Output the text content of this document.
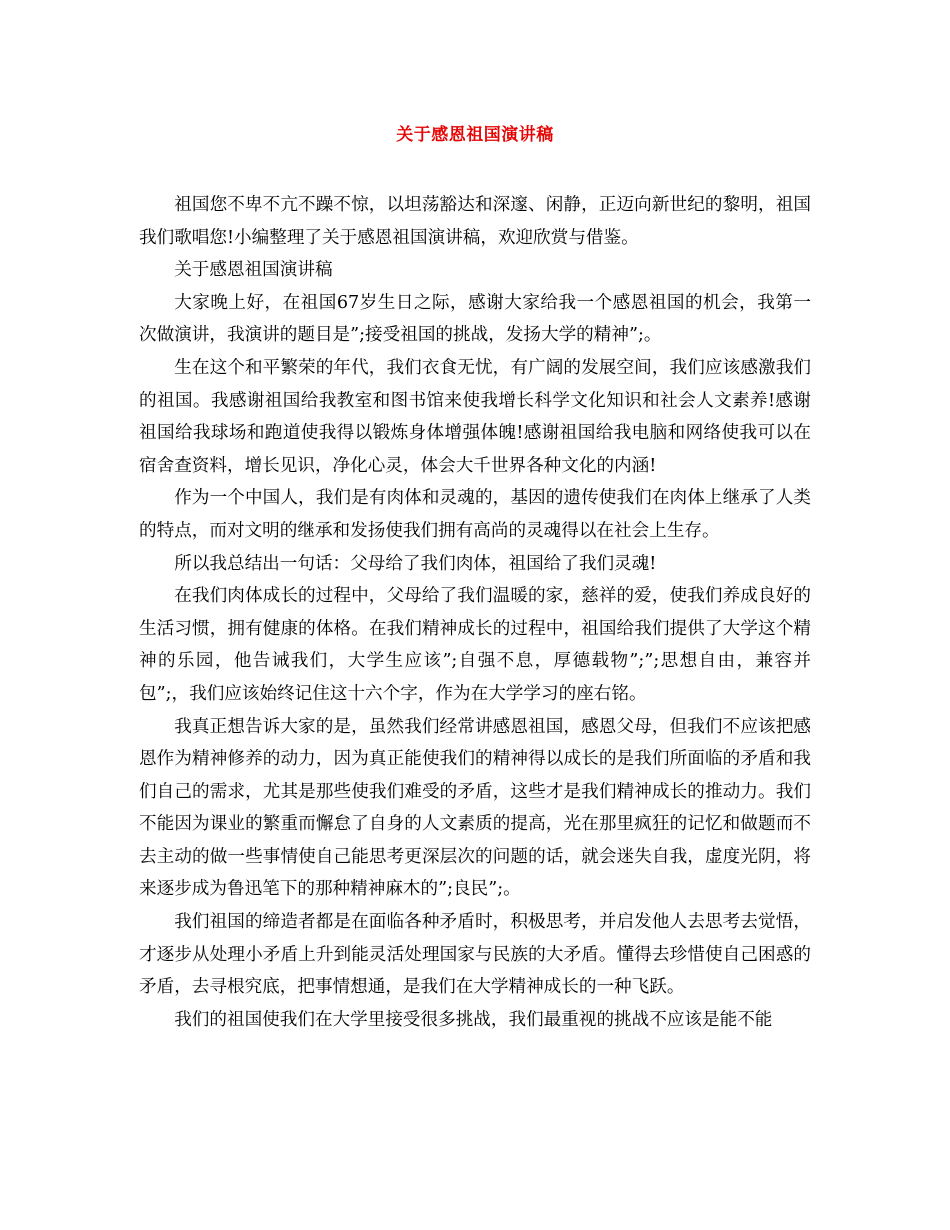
关于感恩祖国演讲稿

祖国您不卑不亢不躁不惊，以坦荡豁达和深邃、闲静，正迈向新世纪的黎明，祖国我们歌唱您!小编整理了关于感恩祖国演讲稿，欢迎欣赏与借鉴。

关于感恩祖国演讲稿

大家晚上好，在祖国67岁生日之际，感谢大家给我一个感恩祖国的机会，我第一次做演讲，我演讲的题目是”;接受祖国的挑战，发扬大学的精神”;。

生在这个和平繁荣的年代，我们衣食无忧，有广阔的发展空间，我们应该感激我们的祖国。我感谢祖国给我教室和图书馆来使我增长科学文化知识和社会人文素养!感谢祖国给我球场和跑道使我得以锻炼身体增强体魄!感谢祖国给我电脑和网络使我可以在宿舍查资料，增长见识，净化心灵，体会大千世界各种文化的内涵!

作为一个中国人，我们是有肉体和灵魂的，基因的遗传使我们在肉体上继承了人类的特点，而对文明的继承和发扬使我们拥有高尚的灵魂得以在社会上生存。

所以我总结出一句话：父母给了我们肉体，祖国给了我们灵魂!

在我们肉体成长的过程中，父母给了我们温暖的家，慈祥的爱，使我们养成良好的生活习惯，拥有健康的体格。在我们精神成长的过程中，祖国给我们提供了大学这个精神的乐园，他告诫我们，大学生应该”;自强不息，厚德载物”;”;思想自由，兼容并包”;，我们应该始终记住这十六个字，作为在大学学习的座右铭。

我真正想告诉大家的是，虽然我们经常讲感恩祖国，感恩父母，但我们不应该把感恩作为精神修养的动力，因为真正能使我们的精神得以成长的是我们所面临的矛盾和我们自己的需求，尤其是那些使我们难受的矛盾，这些才是我们精神成长的推动力。我们不能因为课业的繁重而懈怠了自身的人文素质的提高，光在那里疯狂的记忆和做题而不去主动的做一些事情使自己能思考更深层次的问题的话，就会迷失自我，虚度光阴，将来逐步成为鲁迅笔下的那种精神麻木的”;良民”;。

我们祖国的缔造者都是在面临各种矛盾时，积极思考，并启发他人去思考去觉悟，才逐步从处理小矛盾上升到能灵活处理国家与民族的大矛盾。懂得去珍惜使自己困惑的矛盾，去寻根究底，把事情想通，是我们在大学精神成长的一种飞跃。

我们的祖国使我们在大学里接受很多挑战，我们最重视的挑战不应该是能不能
